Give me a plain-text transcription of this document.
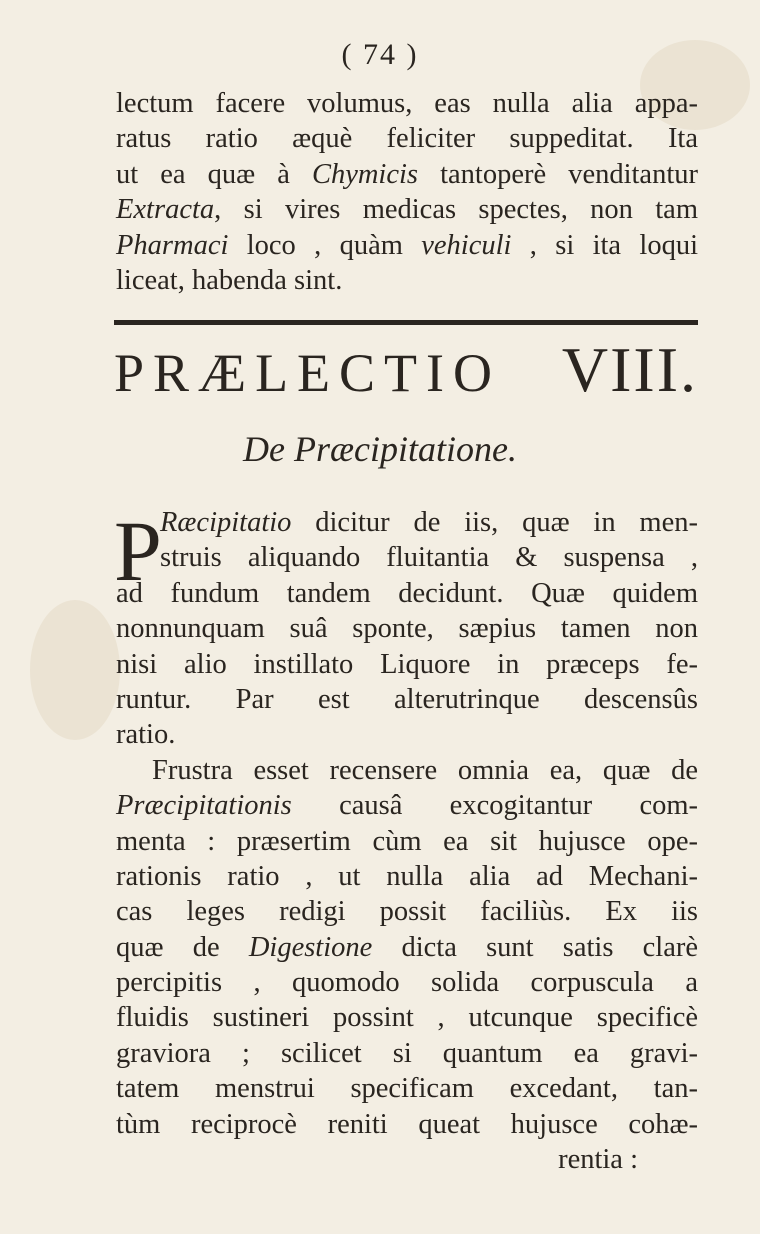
( 74 )
lectum facere volumus, eas nulla alia appa-
ratus ratio æquè feliciter suppeditat. Ita
ut ea quæ à Chymicis tantoperè venditantur
Extracta, si vires medicas spectes, non tam
Pharmaci loco , quàm vehiculi , si ita loqui
liceat, habenda sint.
PRÆLECTIO VIII.
De Præcipitatione.
P
Ræcipitatio dicitur de iis, quæ in men-
struis aliquando fluitantia & suspensa ,
ad fundum tandem decidunt. Quæ quidem
nonnunquam suâ sponte, sæpius tamen non
nisi alio instillato Liquore in præceps fe-
runtur. Par est alterutrinque descensûs
ratio.
Frustra esset recensere omnia ea, quæ de
Præcipitationis causâ excogitantur com-
menta : præsertim cùm ea sit hujusce ope-
rationis ratio , ut nulla alia ad Mechani-
cas leges redigi possit faciliùs. Ex iis
quæ de Digestione dicta sunt satis clarè
percipitis , quomodo solida corpuscula a
fluidis sustineri possint , utcunque specificè
graviora ; scilicet si quantum ea gravi-
tatem menstrui specificam excedant, tan-
tùm reciprocè reniti queat hujusce cohæ-
rentia :
